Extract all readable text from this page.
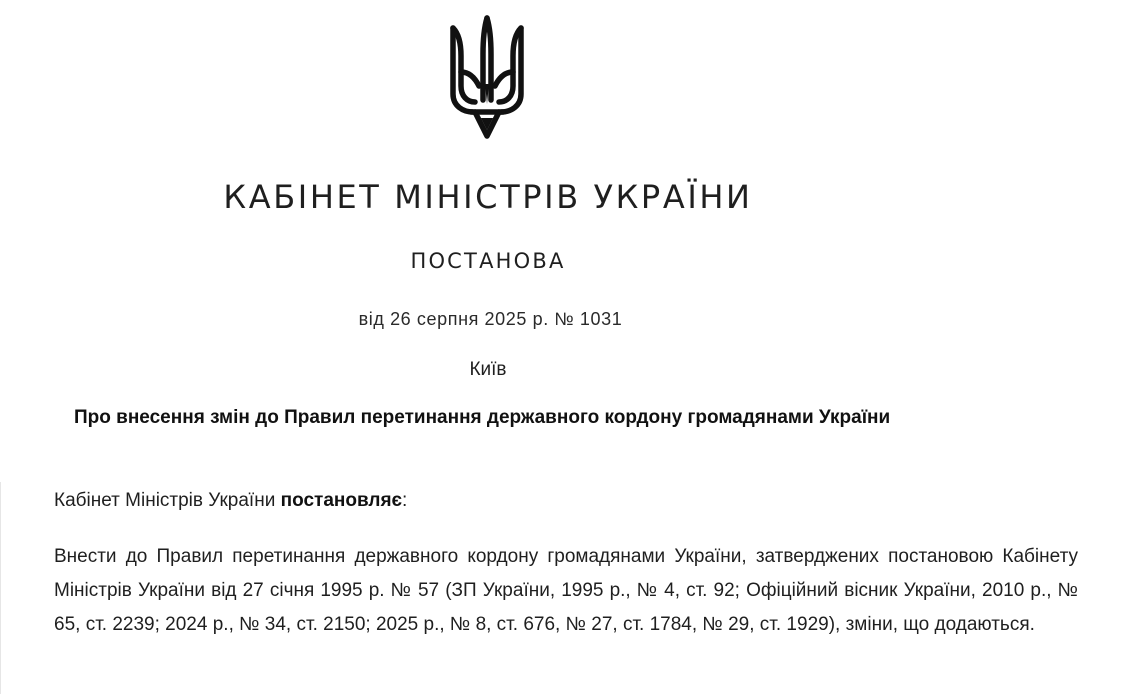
КАБІНЕТ МІНІСТРІВ УКРАЇНИ
ПОСТАНОВА
від 26 серпня 2025 р. № 1031
Київ
Про внесення змін до Правил перетинання державного кордону громадянами України
Кабінет Міністрів України постановляє:
Внести до Правил перетинання державного кордону громадянами України, затверджених постановою Кабінету Міністрів України від 27 січня 1995 р. № 57 (ЗП України, 1995 р., № 4, ст. 92; Офіційний вісник України, 2010 р., № 65, ст. 2239; 2024 р., № 34, ст. 2150; 2025 р., № 8, ст. 676, № 27, ст. 1784, № 29, ст. 1929), зміни, що додаються.
